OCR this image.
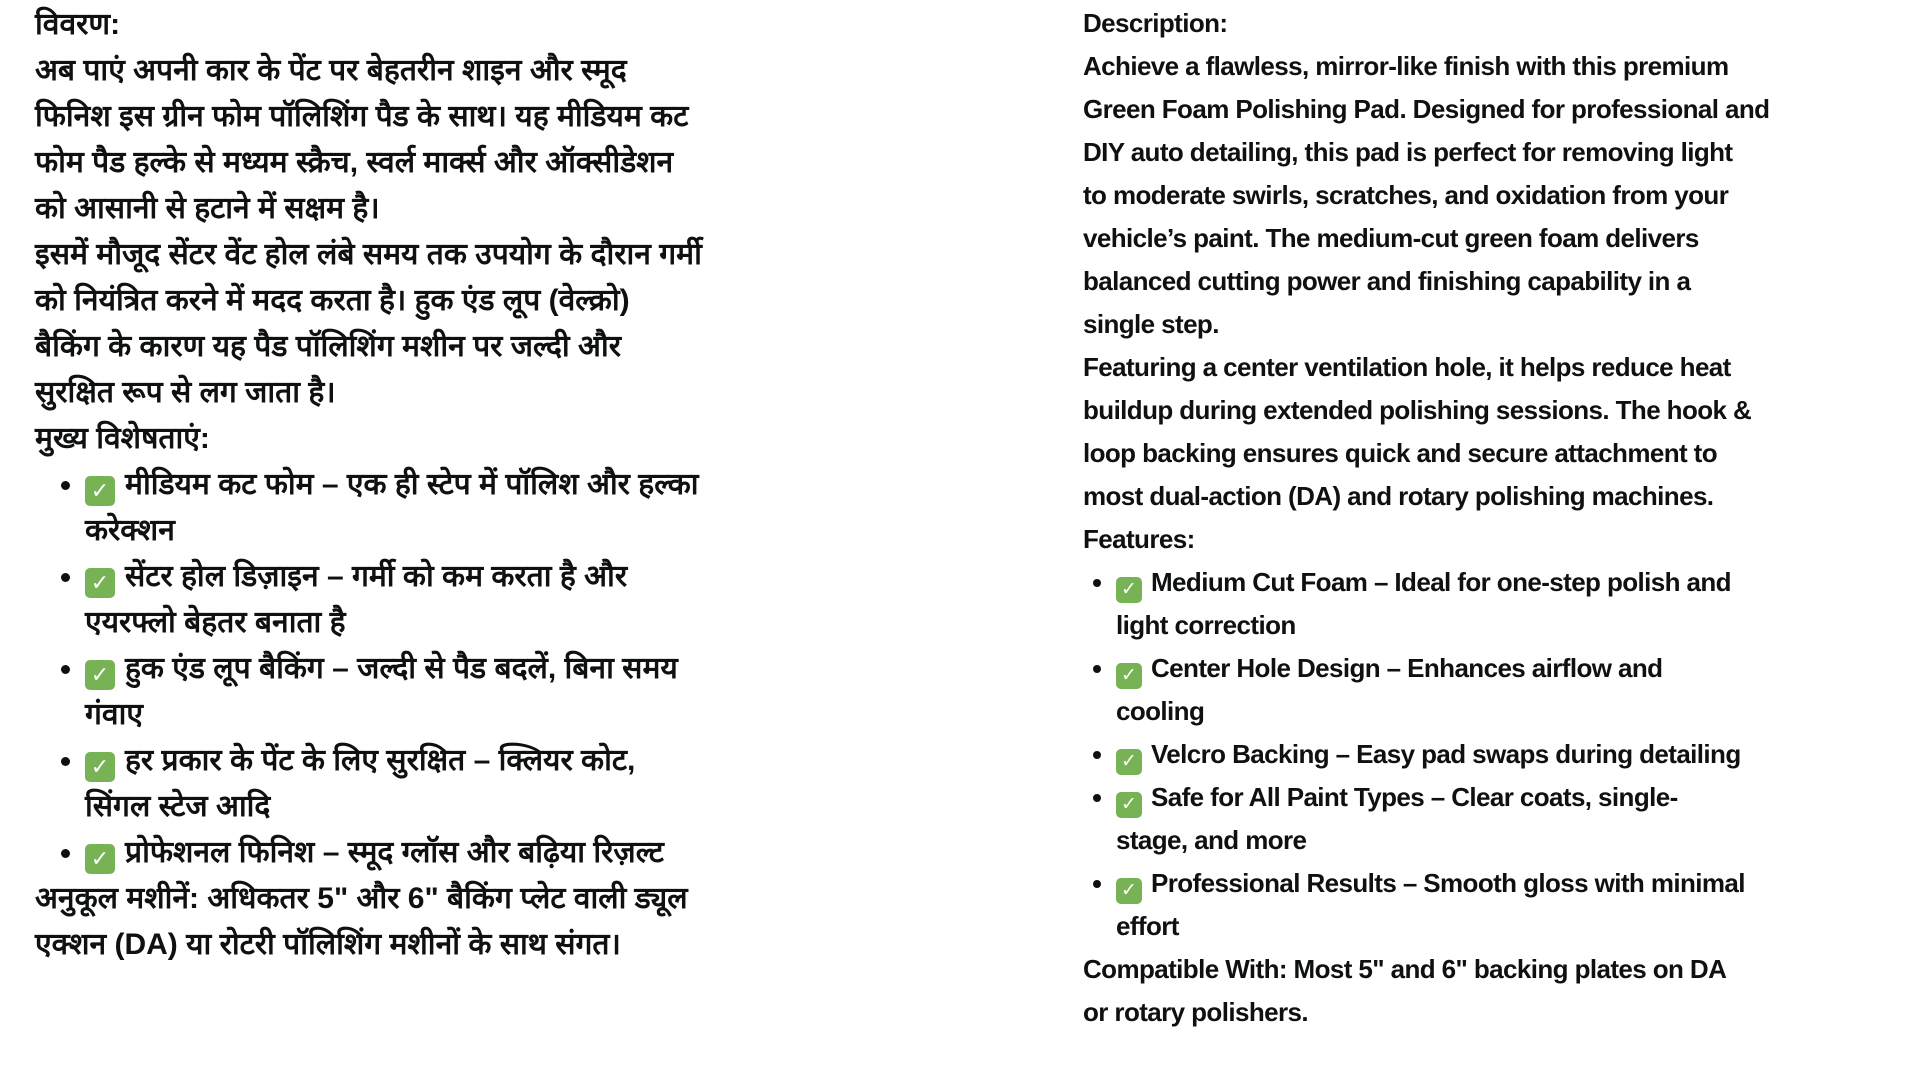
विवरण:
अब पाएं अपनी कार के पेंट पर बेहतरीन शाइन और स्मूद
फिनिश इस ग्रीन फोम पॉलिशिंग पैड के साथ। यह मीडियम कट
फोम पैड हल्के से मध्यम स्क्रैच, स्वर्ल मार्क्स और ऑक्सीडेशन
को आसानी से हटाने में सक्षम है।
इसमें मौजूद सेंटर वेंट होल लंबे समय तक उपयोग के दौरान गर्मी
को नियंत्रित करने में मदद करता है। हुक एंड लूप (वेल्क्रो)
बैकिंग के कारण यह पैड पॉलिशिंग मशीन पर जल्दी और
सुरक्षित रूप से लग जाता है।
मुख्य विशेषताएं:
• ✓ मीडियम कट फोम – एक ही स्टेप में पॉलिश और हल्का
करेक्शन
• ✓ सेंटर होल डिज़ाइन – गर्मी को कम करता है और
एयरफ्लो बेहतर बनाता है
• ✓ हुक एंड लूप बैकिंग – जल्दी से पैड बदलें, बिना समय
गंवाए
• ✓ हर प्रकार के पेंट के लिए सुरक्षित – क्लियर कोट,
सिंगल स्टेज आदि
• ✓ प्रोफेशनल फिनिश – स्मूद ग्लॉस और बढ़िया रिज़ल्ट
अनुकूल मशीनें: अधिकतर 5" और 6" बैकिंग प्लेट वाली ड्यूल
एक्शन (DA) या रोटरी पॉलिशिंग मशीनों के साथ संगत।
Description:
Achieve a flawless, mirror-like finish with this premium
Green Foam Polishing Pad. Designed for professional and
DIY auto detailing, this pad is perfect for removing light
to moderate swirls, scratches, and oxidation from your
vehicle’s paint. The medium-cut green foam delivers
balanced cutting power and finishing capability in a
single step.
Featuring a center ventilation hole, it helps reduce heat
buildup during extended polishing sessions. The hook &
loop backing ensures quick and secure attachment to
most dual-action (DA) and rotary polishing machines.
Features:
• ✓ Medium Cut Foam – Ideal for one-step polish and
light correction
• ✓ Center Hole Design – Enhances airflow and
cooling
• ✓ Velcro Backing – Easy pad swaps during detailing
• ✓ Safe for All Paint Types – Clear coats, single-
stage, and more
• ✓ Professional Results – Smooth gloss with minimal
effort
Compatible With: Most 5" and 6" backing plates on DA
or rotary polishers.
